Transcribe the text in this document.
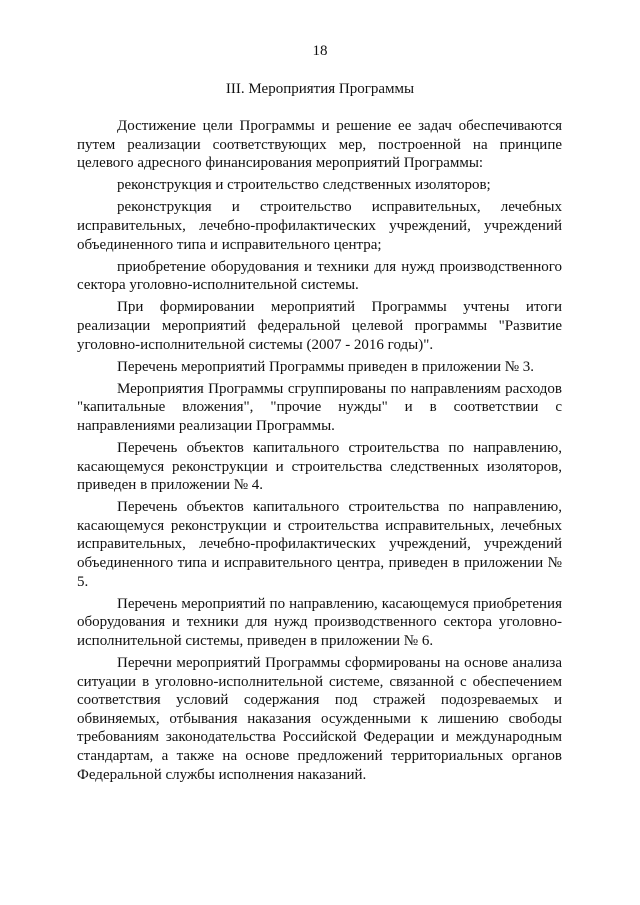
18
III. Мероприятия Программы

Достижение цели Программы и решение ее задач обеспечиваются путем реализации соответствующих мер, построенной на принципе целевого адресного финансирования мероприятий Программы:

реконструкция и строительство следственных изоляторов;

реконструкция и строительство исправительных, лечебных исправительных, лечебно-профилактических учреждений, учреждений объединенного типа и исправительного центра;

приобретение оборудования и техники для нужд производственного сектора уголовно-исполнительной системы.

При формировании мероприятий Программы учтены итоги реализации мероприятий федеральной целевой программы "Развитие уголовно-исполнительной системы (2007 - 2016 годы)".

Перечень мероприятий Программы приведен в приложении № 3.

Мероприятия Программы сгруппированы по направлениям расходов "капитальные вложения", "прочие нужды" и в соответствии с направлениями реализации Программы.

Перечень объектов капитального строительства по направлению, касающемуся реконструкции и строительства следственных изоляторов, приведен в приложении № 4.

Перечень объектов капитального строительства по направлению, касающемуся реконструкции и строительства исправительных, лечебных исправительных, лечебно-профилактических учреждений, учреждений объединенного типа и исправительного центра, приведен в приложении № 5.

Перечень мероприятий по направлению, касающемуся приобретения оборудования и техники для нужд производственного сектора уголовно-исполнительной системы, приведен в приложении № 6.

Перечни мероприятий Программы сформированы на основе анализа ситуации в уголовно-исполнительной системе, связанной с обеспечением соответствия условий содержания под стражей подозреваемых и обвиняемых, отбывания наказания осужденными к лишению свободы требованиям законодательства Российской Федерации и международным стандартам, а также на основе предложений территориальных органов Федеральной службы исполнения наказаний.
